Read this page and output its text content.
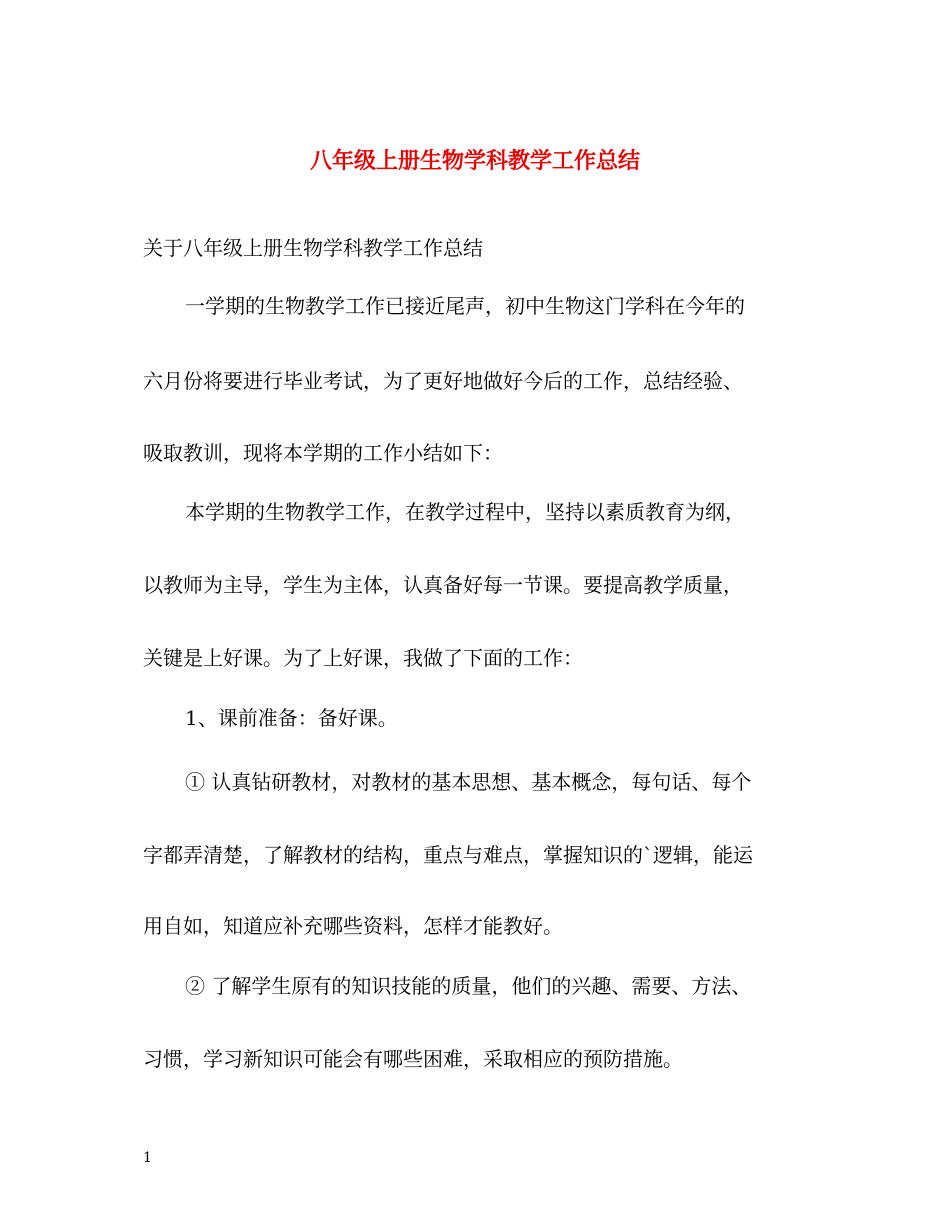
八年级上册生物学科教学工作总结
关于八年级上册生物学科教学工作总结
一学期的生物教学工作已接近尾声，初中生物这门学科在今年的
六月份将要进行毕业考试，为了更好地做好今后的工作，总结经验、
吸取教训，现将本学期的工作小结如下：
本学期的生物教学工作，在教学过程中，坚持以素质教育为纲，
以教师为主导，学生为主体，认真备好每一节课。要提高教学质量，
关键是上好课。为了上好课，我做了下面的工作：
1、课前准备：备好课。
① 认真钻研教材，对教材的基本思想、基本概念，每句话、每个
字都弄清楚，了解教材的结构，重点与难点，掌握知识的`逻辑，能运
用自如，知道应补充哪些资料，怎样才能教好。
② 了解学生原有的知识技能的质量，他们的兴趣、需要、方法、
习惯，学习新知识可能会有哪些困难，采取相应的预防措施。
1
